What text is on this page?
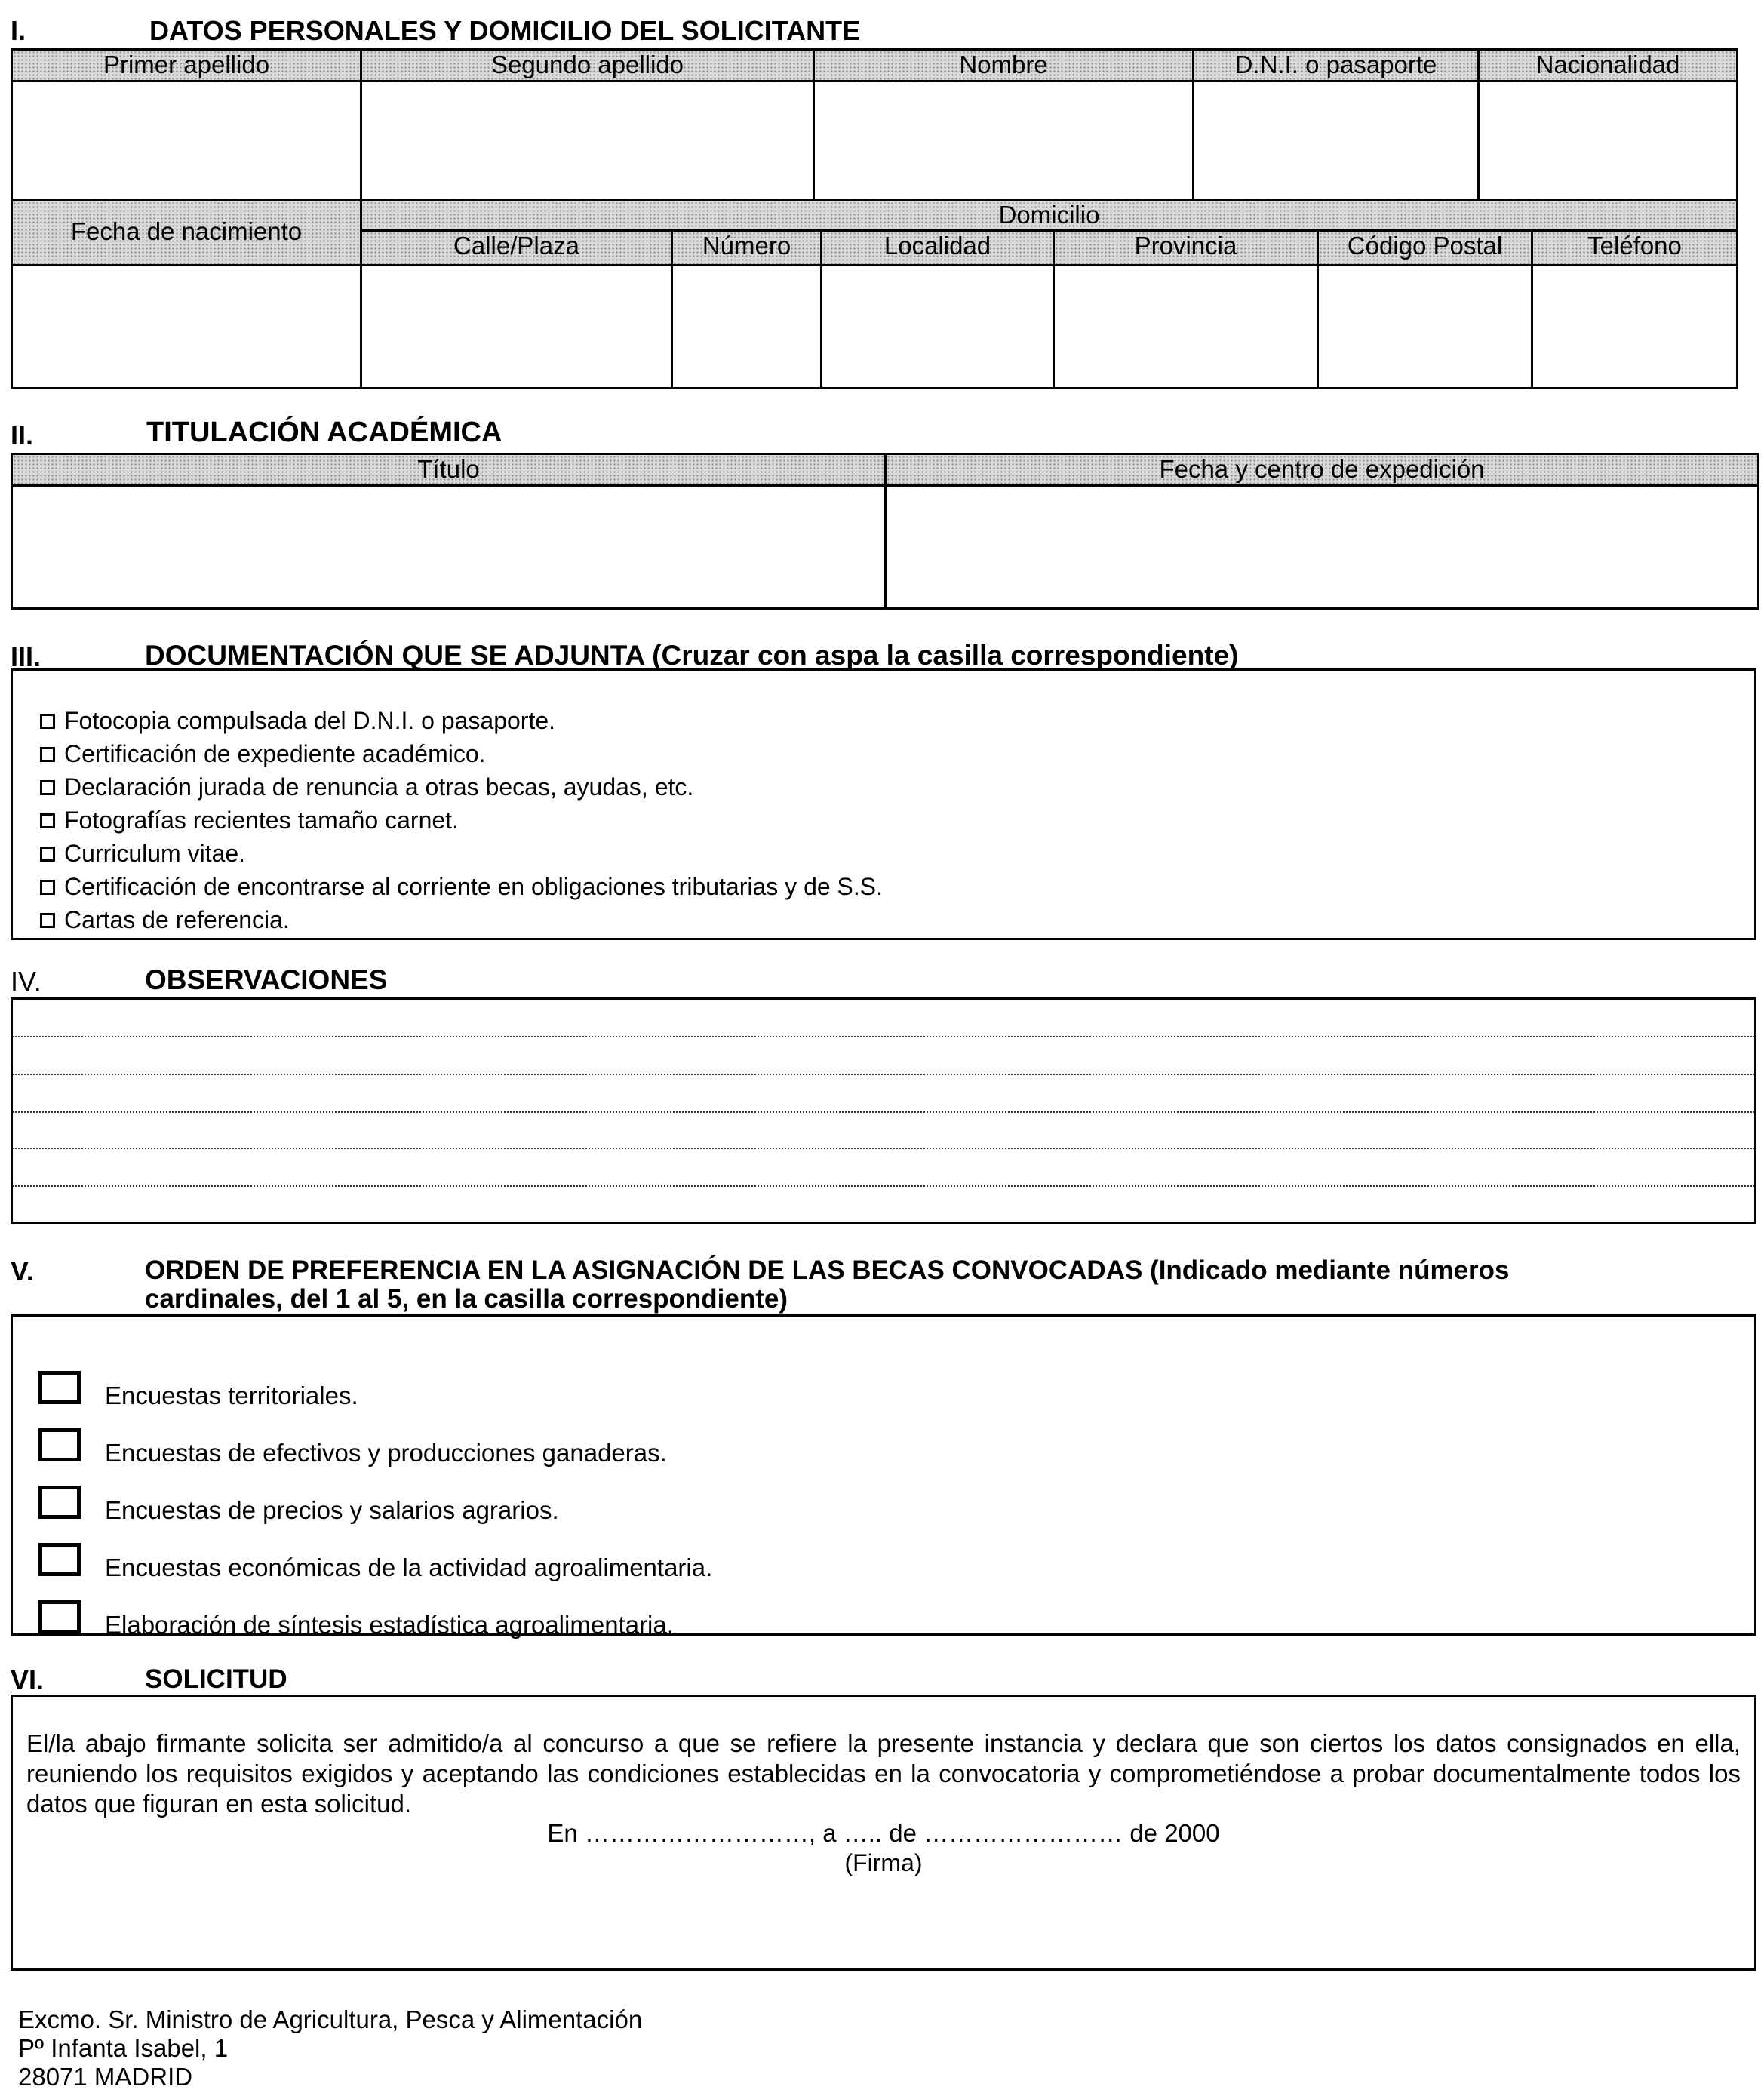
I.	DATOS PERSONALES Y DOMICILIO DEL SOLICITANTE
Primer apellido	Segundo apellido	Nombre	D.N.I. o pasaporte	Nacionalidad
Fecha de nacimiento
Domicilio
Calle/Plaza	Número	Localidad	Provincia	Código Postal	Teléfono
II.	TITULACIÓN ACADÉMICA
Título	Fecha y centro de expedición
III.	DOCUMENTACIÓN QUE SE ADJUNTA (Cruzar con aspa la casilla correspondiente)
Fotocopia compulsada del D.N.I. o pasaporte.
Certificación de expediente académico.
Declaración jurada de renuncia a otras becas, ayudas, etc.
Fotografías recientes tamaño carnet.
Curriculum vitae.
Certificación de encontrarse al corriente en obligaciones tributarias y de S.S.
Cartas de referencia.
IV.	OBSERVACIONES
V.	ORDEN DE PREFERENCIA EN LA ASIGNACIÓN DE LAS BECAS CONVOCADAS (Indicado mediante números
cardinales, del 1 al 5, en la casilla correspondiente)
Encuestas territoriales.
Encuestas de efectivos y producciones ganaderas.
Encuestas de precios y salarios agrarios.
Encuestas económicas de la actividad agroalimentaria.
Elaboración de síntesis estadística agroalimentaria.
VI.	SOLICITUD
El/la abajo firmante solicita ser admitido/a al concurso a que se refiere la presente instancia y declara que son ciertos los datos consignados en ella, reuniendo los requisitos exigidos y aceptando las condiciones establecidas en la convocatoria y comprometiéndose a probar documentalmente todos los datos que figuran en esta solicitud.
En ………………………, a ….. de …………………… de 2000
(Firma)
Excmo. Sr. Ministro de Agricultura, Pesca y Alimentación
Pº Infanta Isabel, 1
28071 MADRID
